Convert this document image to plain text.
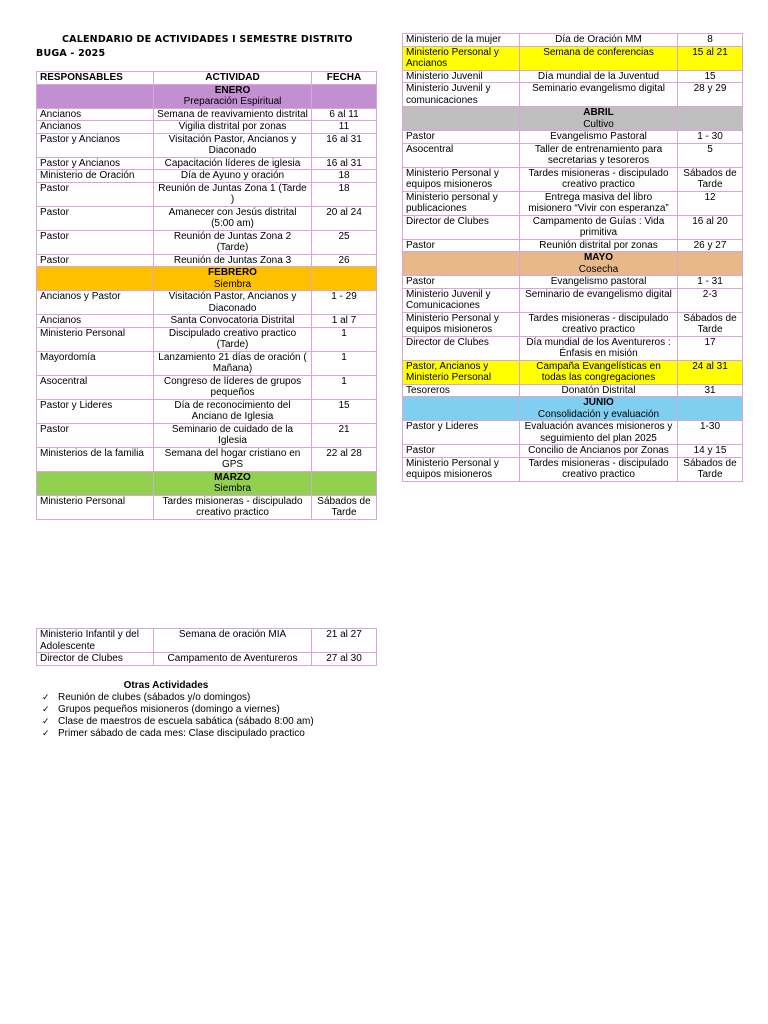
CALENDARIO DE ACTIVIDADES I SEMESTRE DISTRITO
BUGA - 2025
RESPONSABLES	ACTIVIDAD	FECHA

	ENERO
Preparación Espiritual	
Ancianos	Semana de reavivamiento distrital	6 al 11
Ancianos	Vigilia distrital por zonas	11
Pastor y Ancianos	Visitación Pastor, Ancianos y Diaconado	16 al 31
Pastor y Ancianos	Capacitación líderes de iglesia	16 al 31
Ministerio de Oración	Día de Ayuno y oración	18
Pastor	Reunión de Juntas Zona 1 (Tarde )	18
Pastor	Amanecer con Jesús distrital (5:00 am)	20 al 24
Pastor	Reunión de Juntas Zona 2 (Tarde)	25
Pastor	Reunión de Juntas Zona 3	26

	FEBRERO
Siembra	
Ancianos y Pastor	Visitación Pastor, Ancianos y Diaconado	1 - 29
Ancianos	Santa Convocatoria Distrital	1 al 7
Ministerio Personal	Discipulado creativo practico (Tarde)	1
Mayordomía	Lanzamiento 21 días de oración ( Mañana)	1
Asocentral	Congreso de líderes de grupos pequeños	1
Pastor y Lideres	Día de reconocimiento del Anciano de Iglesia	15
Pastor	Seminario de cuidado de la Iglesia	21
Ministerios de la familia	Semana del hogar cristiano en GPS	22 al 28

	MARZO
Siembra	
Ministerio Personal	Tardes misioneras - discipulado creativo practico	Sábados de Tarde
Ministerio Infantil y del Adolescente	Semana de oración MIA	21 al 27
Director de Clubes	Campamento de Aventureros	27 al 30
Ministerio de la mujer	Día de Oración MM	8
Ministerio Personal y Ancianos	Semana de conferencias	15 al 21
Ministerio Juvenil	Día mundial de la Juventud	15
Ministerio Juvenil y comunicaciones	Seminario evangelismo digital	28 y 29

	ABRIL
Cultivo	
Pastor	Evangelismo Pastoral	1 - 30
Asocentral	Taller de entrenamiento para secretarias y tesoreros	5
Ministerio Personal y equipos misioneros	Tardes misioneras - discipulado creativo practico	Sábados de Tarde
Ministerio personal y publicaciones	Entrega masiva del libro misionero “Vivir con esperanza”	12
Director de Clubes	Campamento de Guías : Vida primitiva	16 al 20
Pastor	Reunión distrital por zonas	26 y 27

	MAYO
Cosecha	
Pastor	Evangelismo pastoral	1 - 31
Ministerio Juvenil y Comunicaciones	Seminario de evangelismo digital	2-3
Ministerio Personal y equipos misioneros	Tardes misioneras - discipulado creativo practico	Sábados de Tarde
Director de Clubes	Día mundial de los Aventureros : Énfasis en misión	17
Pastor, Ancianos y Ministerio Personal	Campaña Evangelísticas en todas las congregaciones	24 al 31
Tesoreros	Donatón Distrital	31

	JUNIO
Consolidación y evaluación	
Pastor y Lideres	Evaluación avances misioneros y seguimiento del plan 2025	1-30
Pastor	Concilio de Ancianos por Zonas	14 y 15
Ministerio Personal y equipos misioneros	Tardes misioneras - discipulado creativo practico	Sábados de Tarde
Otras Actividades
✓ Reunión de clubes (sábados y/o domingos)
✓ Grupos pequeños misioneros (domingo a viernes)
✓ Clase de maestros de escuela sabática (sábado 8:00 am)
✓ Primer sábado de cada mes: Clase discipulado practico
